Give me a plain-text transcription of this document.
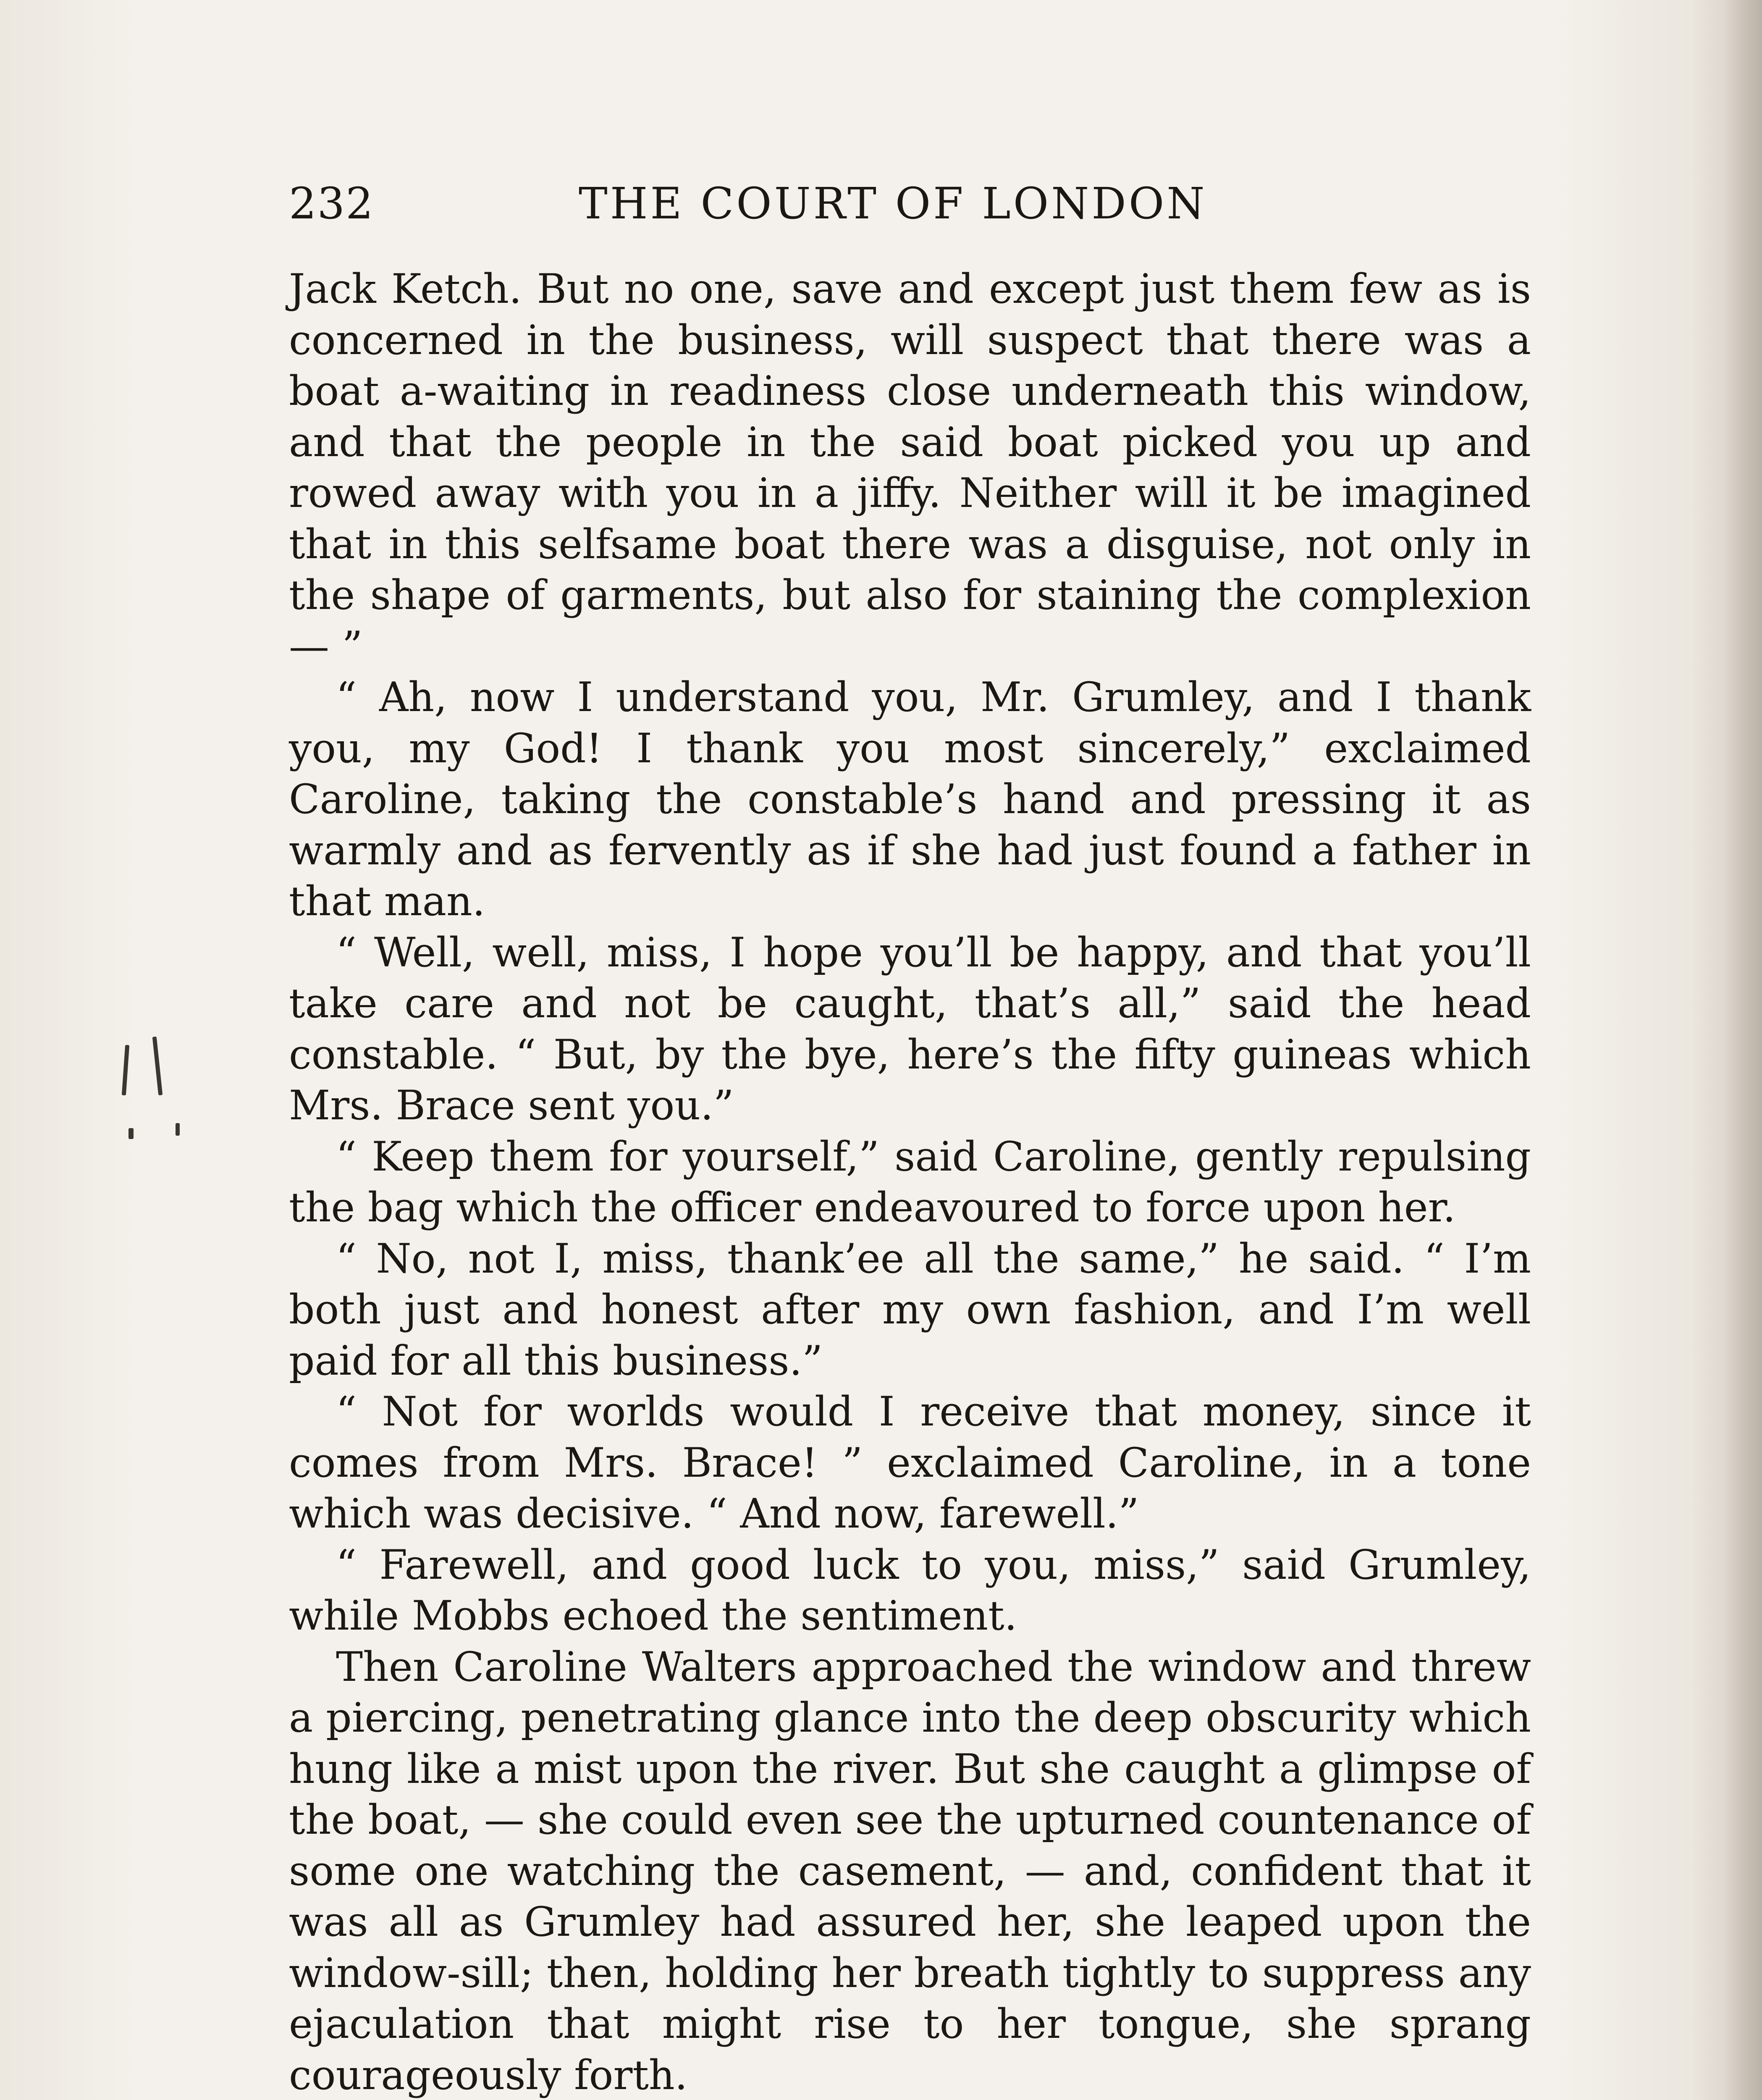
232	THE COURT OF LONDON

Jack Ketch. But no one, save and except just them few as is concerned in the business, will suspect that there was a boat a-waiting in readiness close underneath this window, and that the people in the said boat picked you up and rowed away with you in a jiffy. Neither will it be imagined that in this selfsame boat there was a disguise, not only in the shape of garments, but also for staining the complexion — ”

“ Ah, now I understand you, Mr. Grumley, and I thank you, my God! I thank you most sincerely,” exclaimed Caroline, taking the constable’s hand and pressing it as warmly and as fervently as if she had just found a father in that man.

“ Well, well, miss, I hope you’ll be happy, and that you’ll take care and not be caught, that’s all,” said the head constable. “ But, by the bye, here’s the fifty guineas which Mrs. Brace sent you.”

“ Keep them for yourself,” said Caroline, gently repulsing the bag which the officer endeavoured to force upon her.

“ No, not I, miss, thank’ee all the same,” he said. “ I’m both just and honest after my own fashion, and I’m well paid for all this business.”

“ Not for worlds would I receive that money, since it comes from Mrs. Brace! ” exclaimed Caroline, in a tone which was decisive. “ And now, farewell.”

“ Farewell, and good luck to you, miss,” said Grumley, while Mobbs echoed the sentiment.

Then Caroline Walters approached the window and threw a piercing, penetrating glance into the deep obscurity which hung like a mist upon the river. But she caught a glimpse of the boat, — she could even see the upturned countenance of some one watching the casement, — and, confident that it was all as Grumley had assured her, she leaped upon the window-sill; then, holding her breath tightly to suppress any ejaculation that might rise to her tongue, she sprang courageously forth.
